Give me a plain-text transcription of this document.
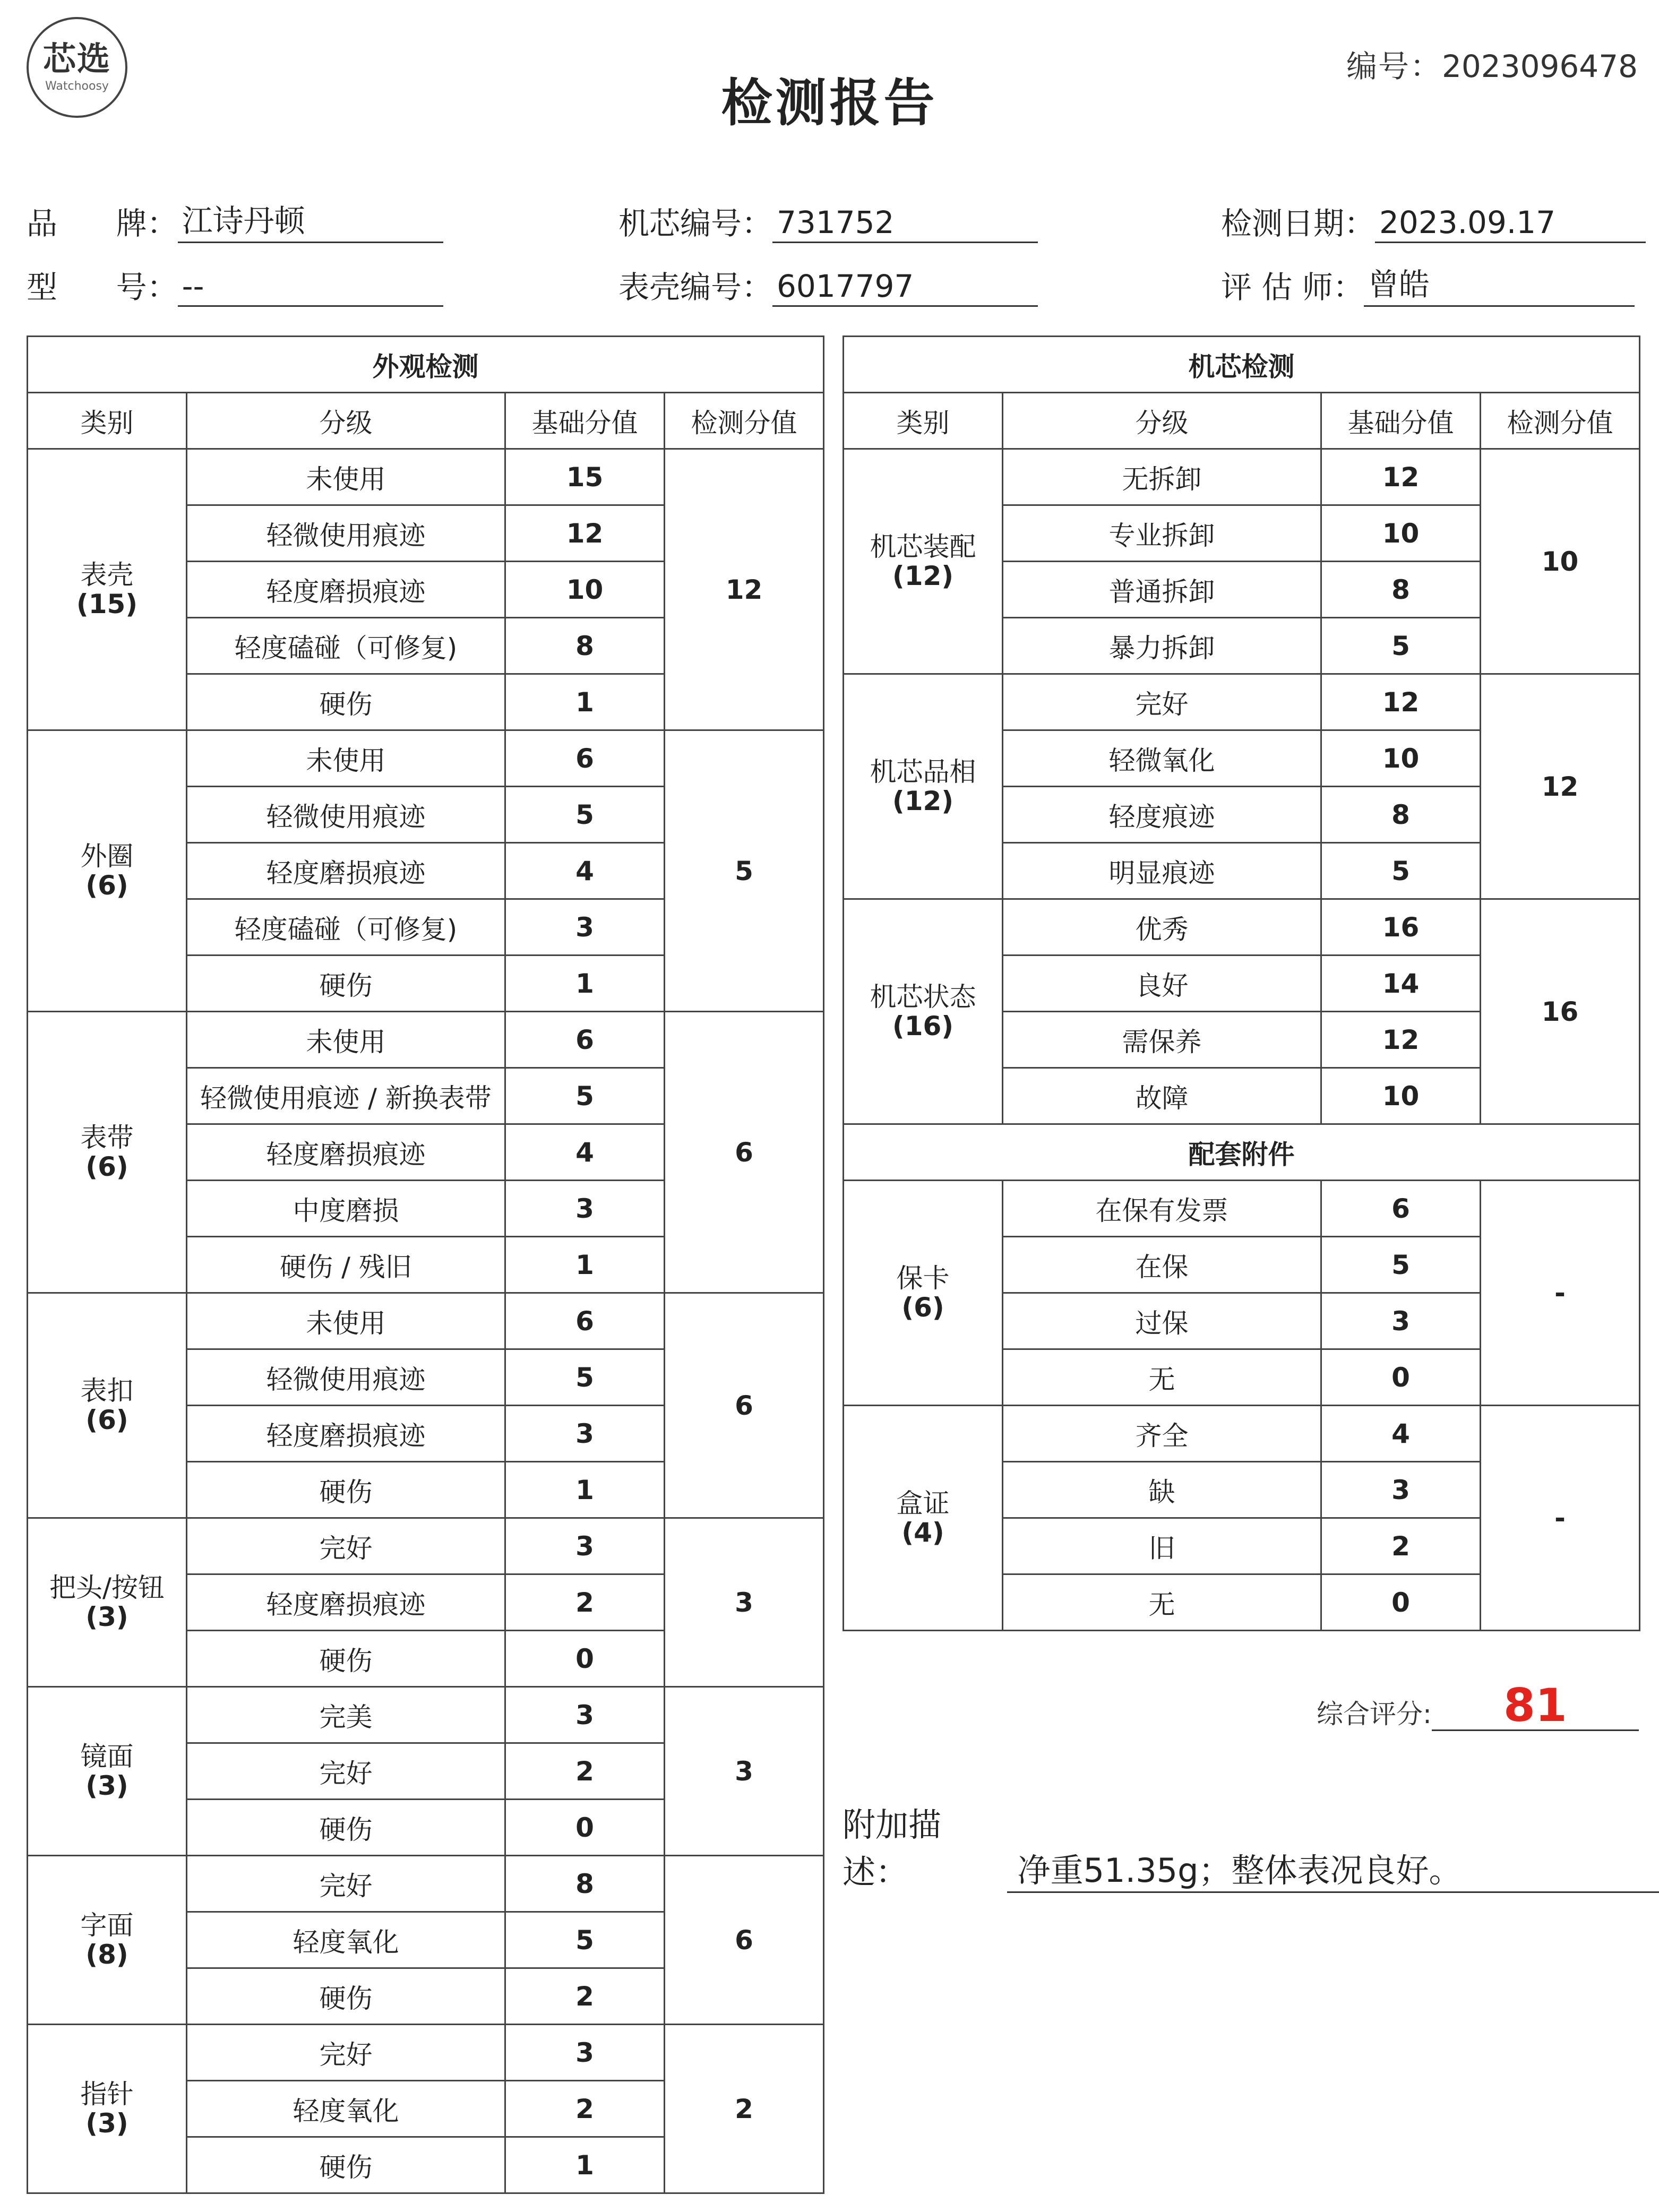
芯选
Watchoosy	检测报告
编号：2023096478
品      牌： 江诗丹顿
型      号： --
机芯编号： 731752
表壳编号： 6017797
检测日期： 2023.09.17
评 估 师： 曾皓
外观检测			
类别	分级	基础分值	检测分值
表壳
(15)	未使用	15	12
	轻微使用痕迹	12	
	轻度磨损痕迹	10	
	轻度磕碰（可修复)	8	
	硬伤	1	
外圈
(6)	未使用	6	5
	轻微使用痕迹	5	
	轻度磨损痕迹	4	
	轻度磕碰（可修复)	3	
	硬伤	1	
表带
(6)	未使用	6	6
	轻微使用痕迹 / 新换表带	5	
	轻度磨损痕迹	4	
	中度磨损	3	
	硬伤 / 残旧	1	
表扣
(6)	未使用	6	6
	轻微使用痕迹	5	
	轻度磨损痕迹	3	
	硬伤	1	
把头/按钮
(3)	完好	3	3
	轻度磨损痕迹	2	
	硬伤	0	
镜面
(3)	完美	3	3
	完好	2	
	硬伤	0	
字面
(8)	完好	8	6
	轻度氧化	5	
	硬伤	2	
指针
(3)	完好	3	2
	轻度氧化	2	
	硬伤	1	
机芯检测			
类别	分级	基础分值	检测分值
机芯装配
(12)	无拆卸	12	10
	专业拆卸	10	
	普通拆卸	8	
	暴力拆卸	5	
机芯品相
(12)	完好	12	12
	轻微氧化	10	
	轻度痕迹	8	
	明显痕迹	5	
机芯状态
(16)	优秀	16	16
	良好	14	
	需保养	12	
	故障	10	
配套附件			
保卡
(6)	在保有发票	6	-
	在保	5	
	过保	3	
	无	0	
盒证
(4)	齐全	4	-
	缺	3	
	旧	2	
	无	0	
综合评分:	81
附加描述：	净重51.35g；整体表况良好。
